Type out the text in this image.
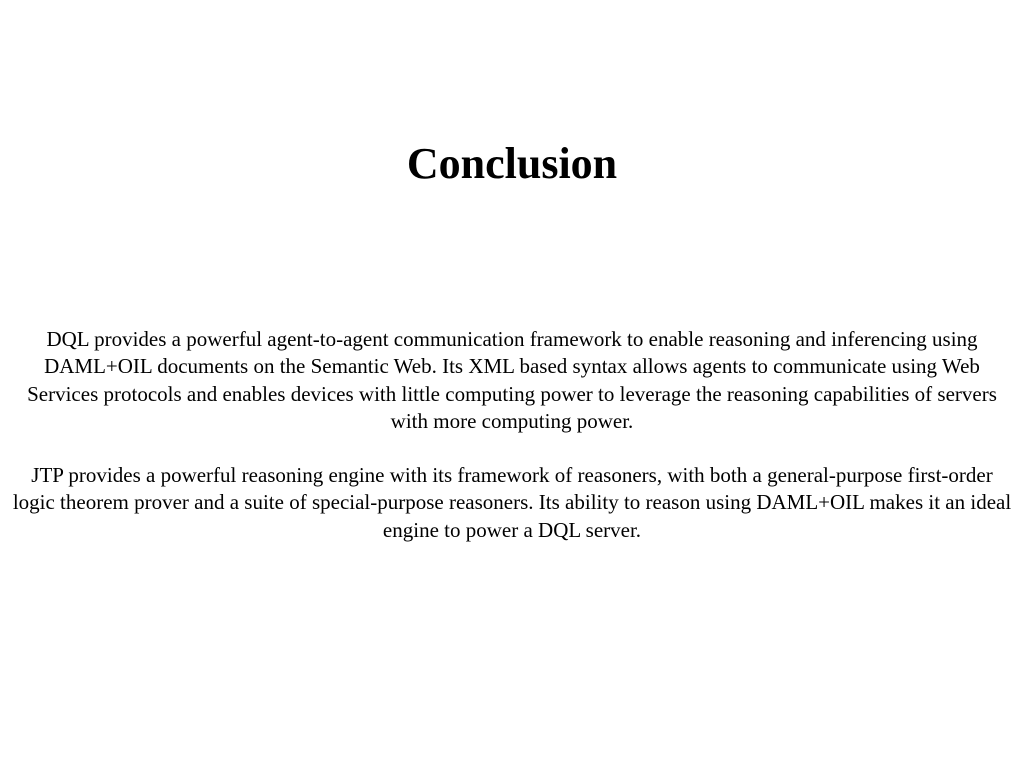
Conclusion

DQL provides a powerful agent-to-agent communication framework to enable reasoning and inferencing using DAML+OIL documents on the Semantic Web. Its XML based syntax allows agents to communicate using Web Services protocols and enables devices with little computing power to leverage the reasoning capabilities of servers with more computing power.

JTP provides a powerful reasoning engine with its framework of reasoners, with both a general-purpose first-order logic theorem prover and a suite of special-purpose reasoners. Its ability to reason using DAML+OIL makes it an ideal engine to power a DQL server.
